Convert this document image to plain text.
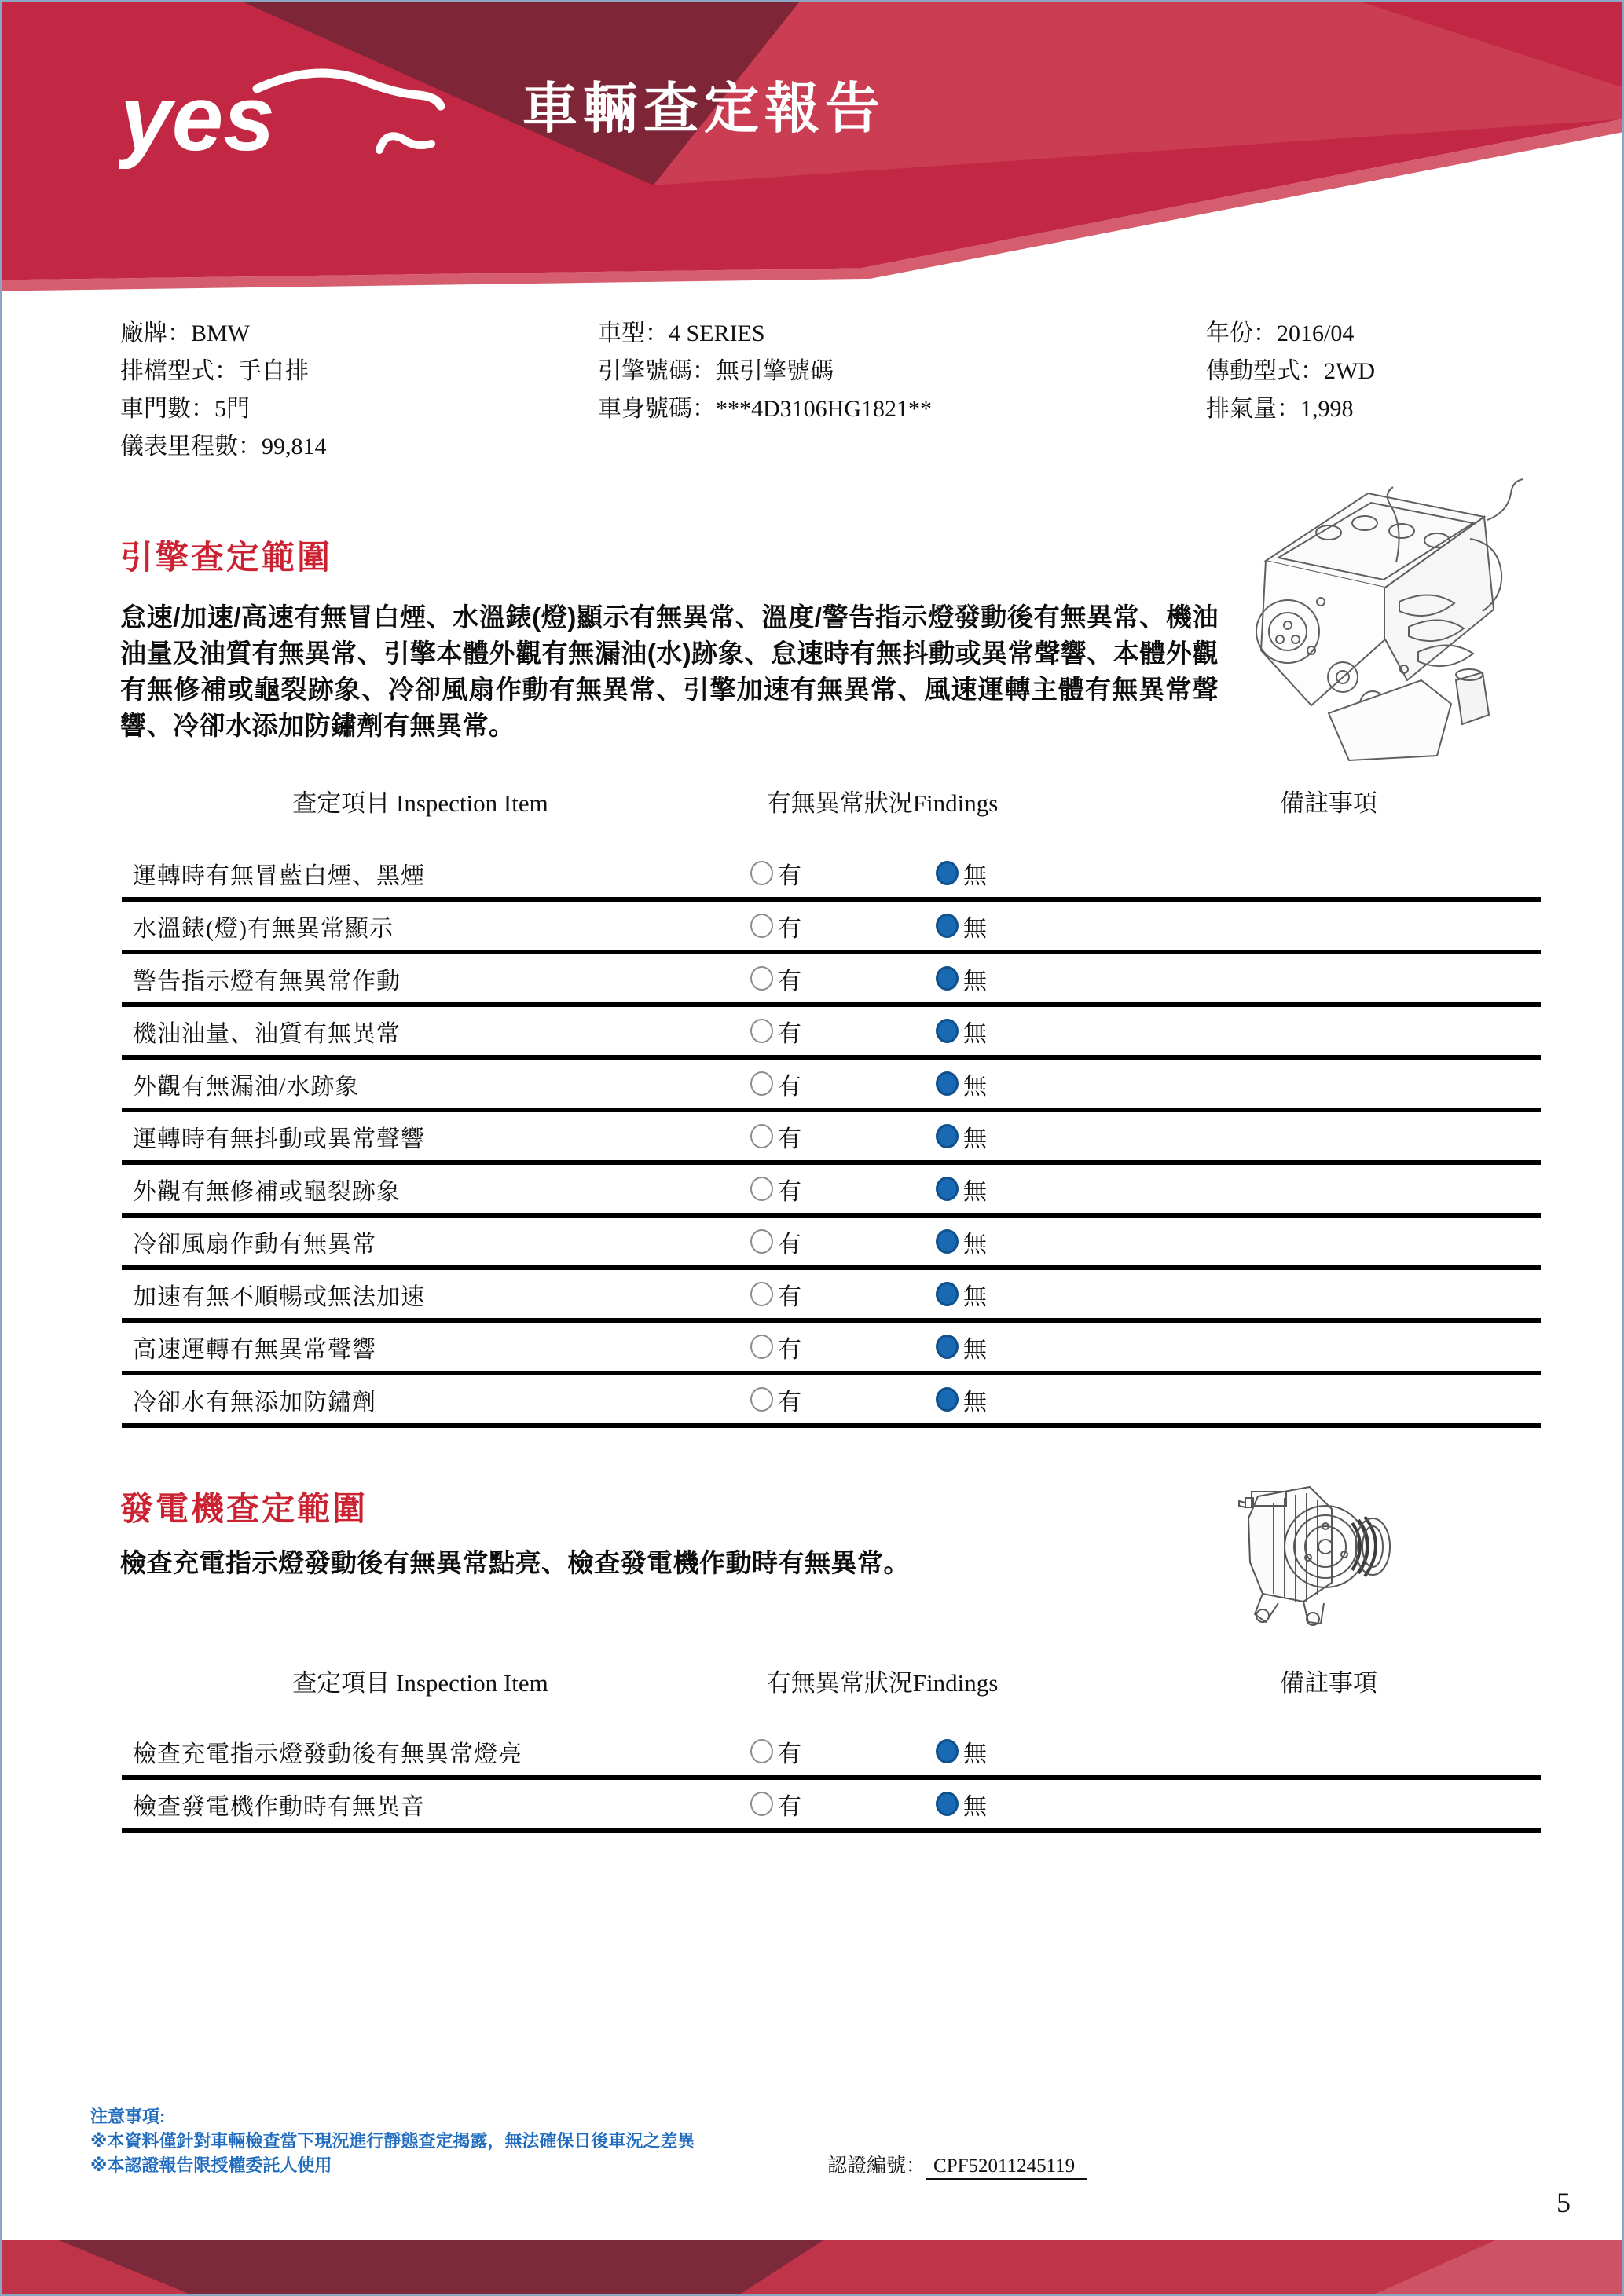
yes	車輛查定報告
廠牌：BMW
排檔型式：手自排
車門數：5門
儀表里程數：99,814
車型：4 SERIES
引擎號碼：無引擎號碼
車身號碼：***4D3106HG1821**
年份：2016/04
傳動型式：2WD
排氣量：1,998
引擎查定範圍
怠速/加速/高速有無冒白煙、水溫錶(燈)顯示有無異常、溫度/警告指示燈發動後有無異常、機油油量及油質有無異常、引擎本體外觀有無漏油(水)跡象、怠速時有無抖動或異常聲響、本體外觀有無修補或龜裂跡象、冷卻風扇作動有無異常、引擎加速有無異常、風速運轉主體有無異常聲響、冷卻水添加防鏽劑有無異常。
查定項目 Inspection Item	有無異常狀況Findings	備註事項
運轉時有無冒藍白煙、黑煙	有	無
水溫錶(燈)有無異常顯示	有	無
警告指示燈有無異常作動	有	無
機油油量、油質有無異常	有	無
外觀有無漏油/水跡象	有	無
運轉時有無抖動或異常聲響	有	無
外觀有無修補或龜裂跡象	有	無
冷卻風扇作動有無異常	有	無
加速有無不順暢或無法加速	有	無
高速運轉有無異常聲響	有	無
冷卻水有無添加防鏽劑	有	無
發電機查定範圍
檢查充電指示燈發動後有無異常點亮、檢查發電機作動時有無異常。
查定項目 Inspection Item	有無異常狀況Findings	備註事項
檢查充電指示燈發動後有無異常燈亮	有	無
檢查發電機作動時有無異音	有	無
注意事項:
※本資料僅針對車輛檢查當下現況進行靜態查定揭露，無法確保日後車況之差異
※本認證報告限授權委託人使用	認證編號： CPF52011245119
5
